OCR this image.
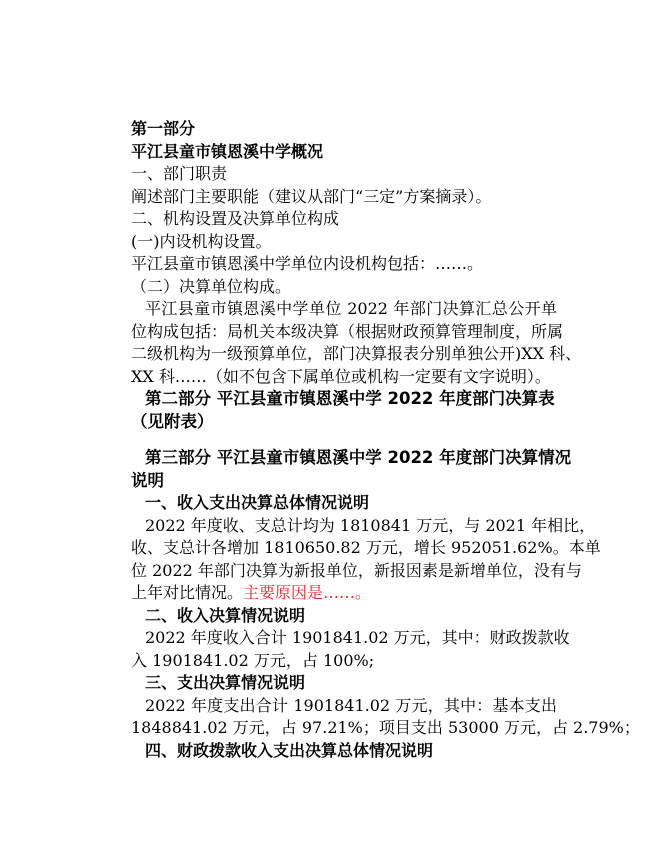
第一部分
平江县童市镇恩溪中学概况
一、部门职责
阐述部门主要职能（建议从部门“三定”方案摘录）。
二、机构设置及决算单位构成
(一)内设机构设置。
平江县童市镇恩溪中学单位内设机构包括：……。
（二）决算单位构成。
平江县童市镇恩溪中学单位 2022 年部门决算汇总公开单
位构成包括：局机关本级决算（根据财政预算管理制度，所属
二级机构为一级预算单位，部门决算报表分别单独公开)XX 科、
XX 科……（如不包含下属单位或机构一定要有文字说明）。
第二部分 平江县童市镇恩溪中学 2022 年度部门决算表
（见附表）
第三部分 平江县童市镇恩溪中学 2022 年度部门决算情况
说明
一、收入支出决算总体情况说明
2022 年度收、支总计均为 1810841 万元，与 2021 年相比，
收、支总计各增加 1810650.82 万元，增长 952051.62%。本单
位 2022 年部门决算为新报单位，新报因素是新增单位，没有与
上年对比情况。主要原因是……。
二、收入决算情况说明
2022 年度收入合计 1901841.02 万元，其中：财政拨款收
入 1901841.02 万元，占 100%;
三、支出决算情况说明
2022 年度支出合计 1901841.02 万元，其中：基本支出
1848841.02 万元，占 97.21%；项目支出 53000 万元，占 2.79%；
四、财政拨款收入支出决算总体情况说明
